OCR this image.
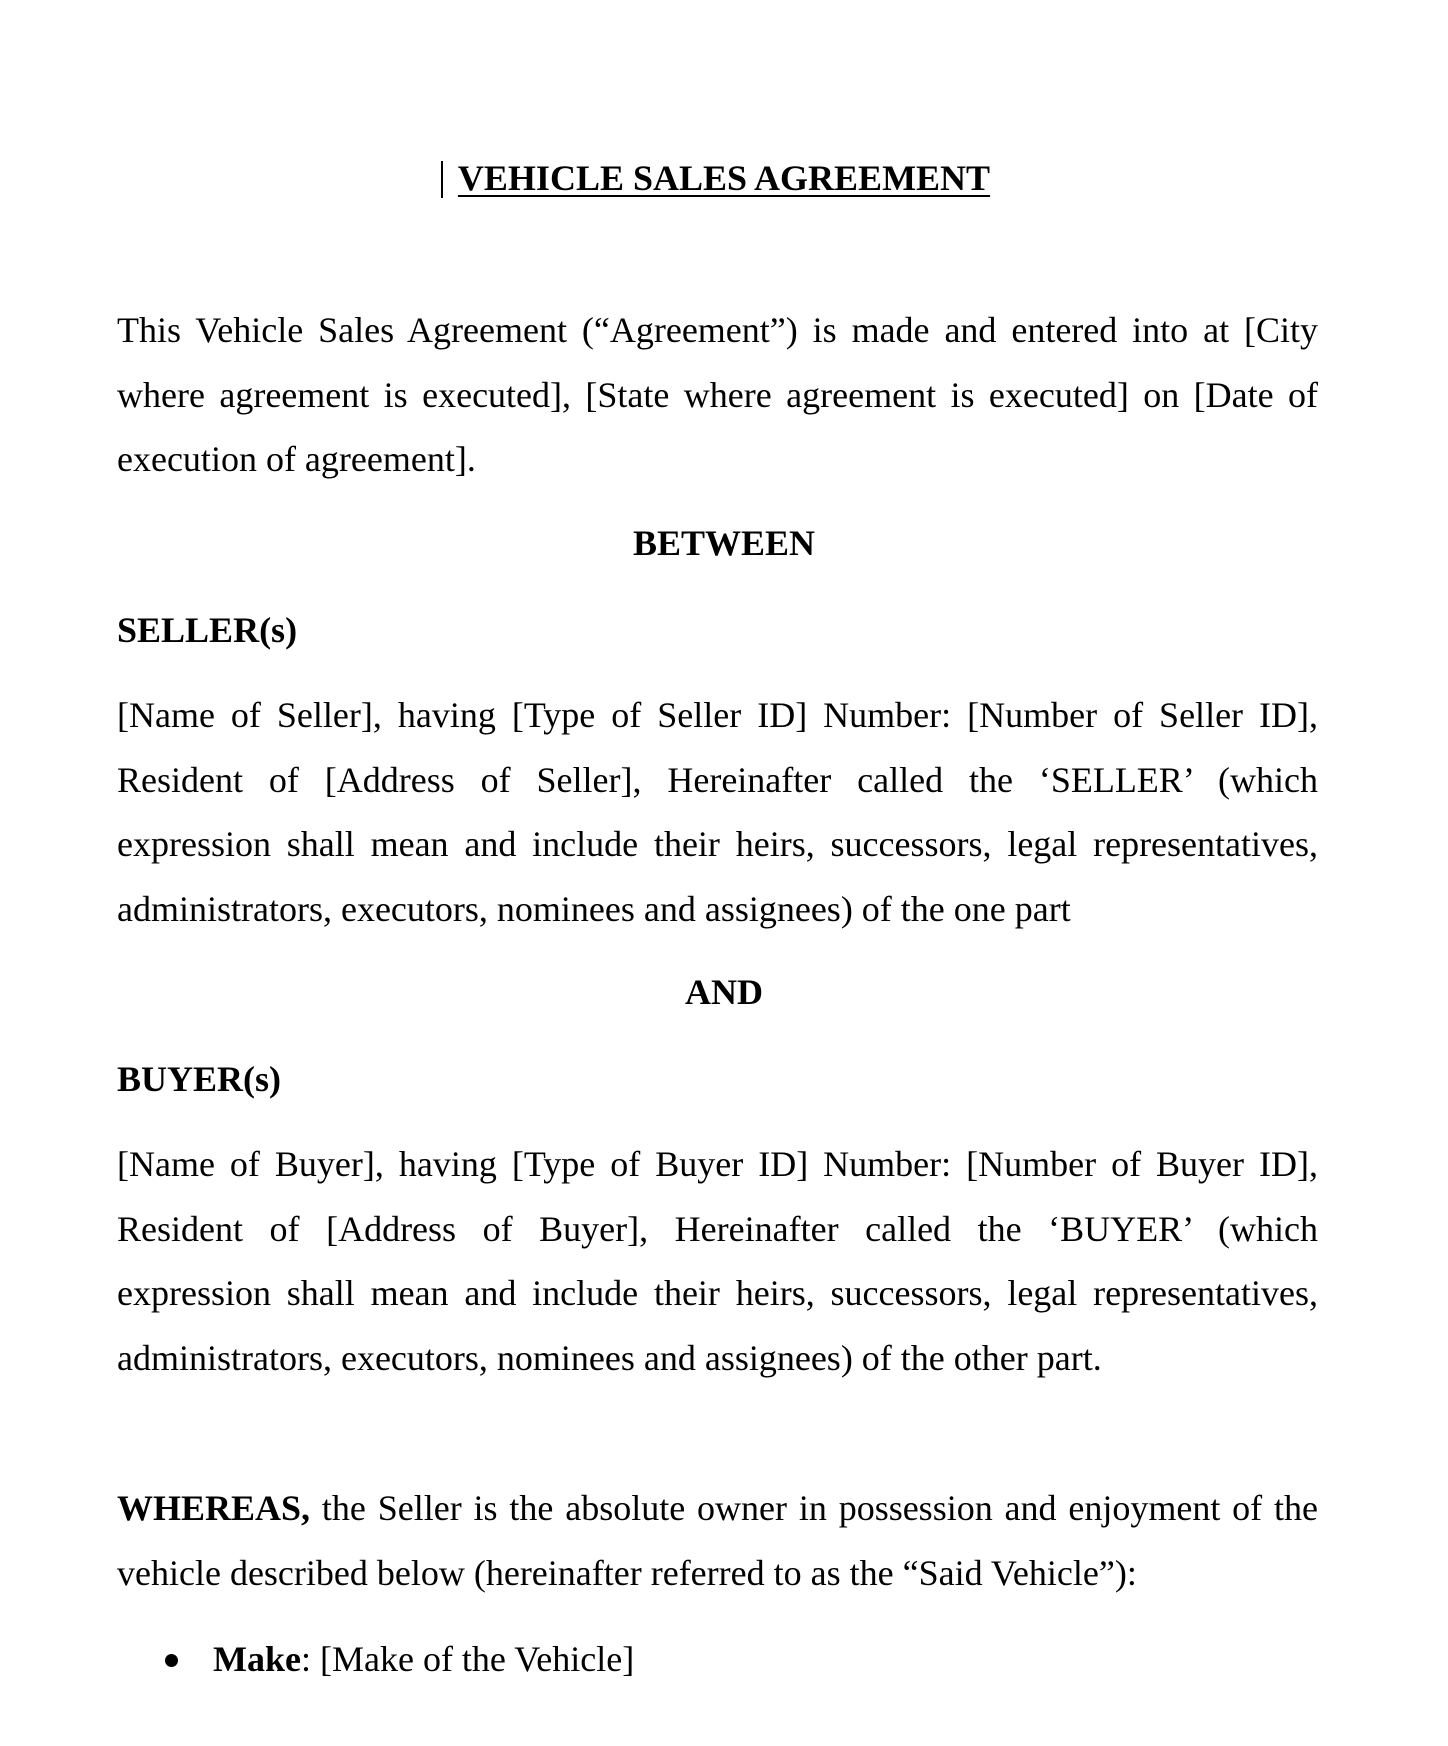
VEHICLE SALES AGREEMENT

This Vehicle Sales Agreement (“Agreement”) is made and entered into at [City where agreement is executed], [State where agreement is executed] on [Date of execution of agreement].

BETWEEN
SELLER(s)

[Name of Seller], having [Type of Seller ID] Number: [Number of Seller ID], Resident of [Address of Seller], Hereinafter called the ‘SELLER’ (which expression shall mean and include their heirs, successors, legal representatives, administrators, executors, nominees and assignees) of the one part

AND
BUYER(s)

[Name of Buyer], having [Type of Buyer ID] Number: [Number of Buyer ID], Resident of [Address of Buyer], Hereinafter called the ‘BUYER’ (which expression shall mean and include their heirs, successors, legal representatives, administrators, executors, nominees and assignees) of the other part.

WHEREAS, the Seller is the absolute owner in possession and enjoyment of the vehicle described below (hereinafter referred to as the “Said Vehicle”):

Make: [Make of the Vehicle]
